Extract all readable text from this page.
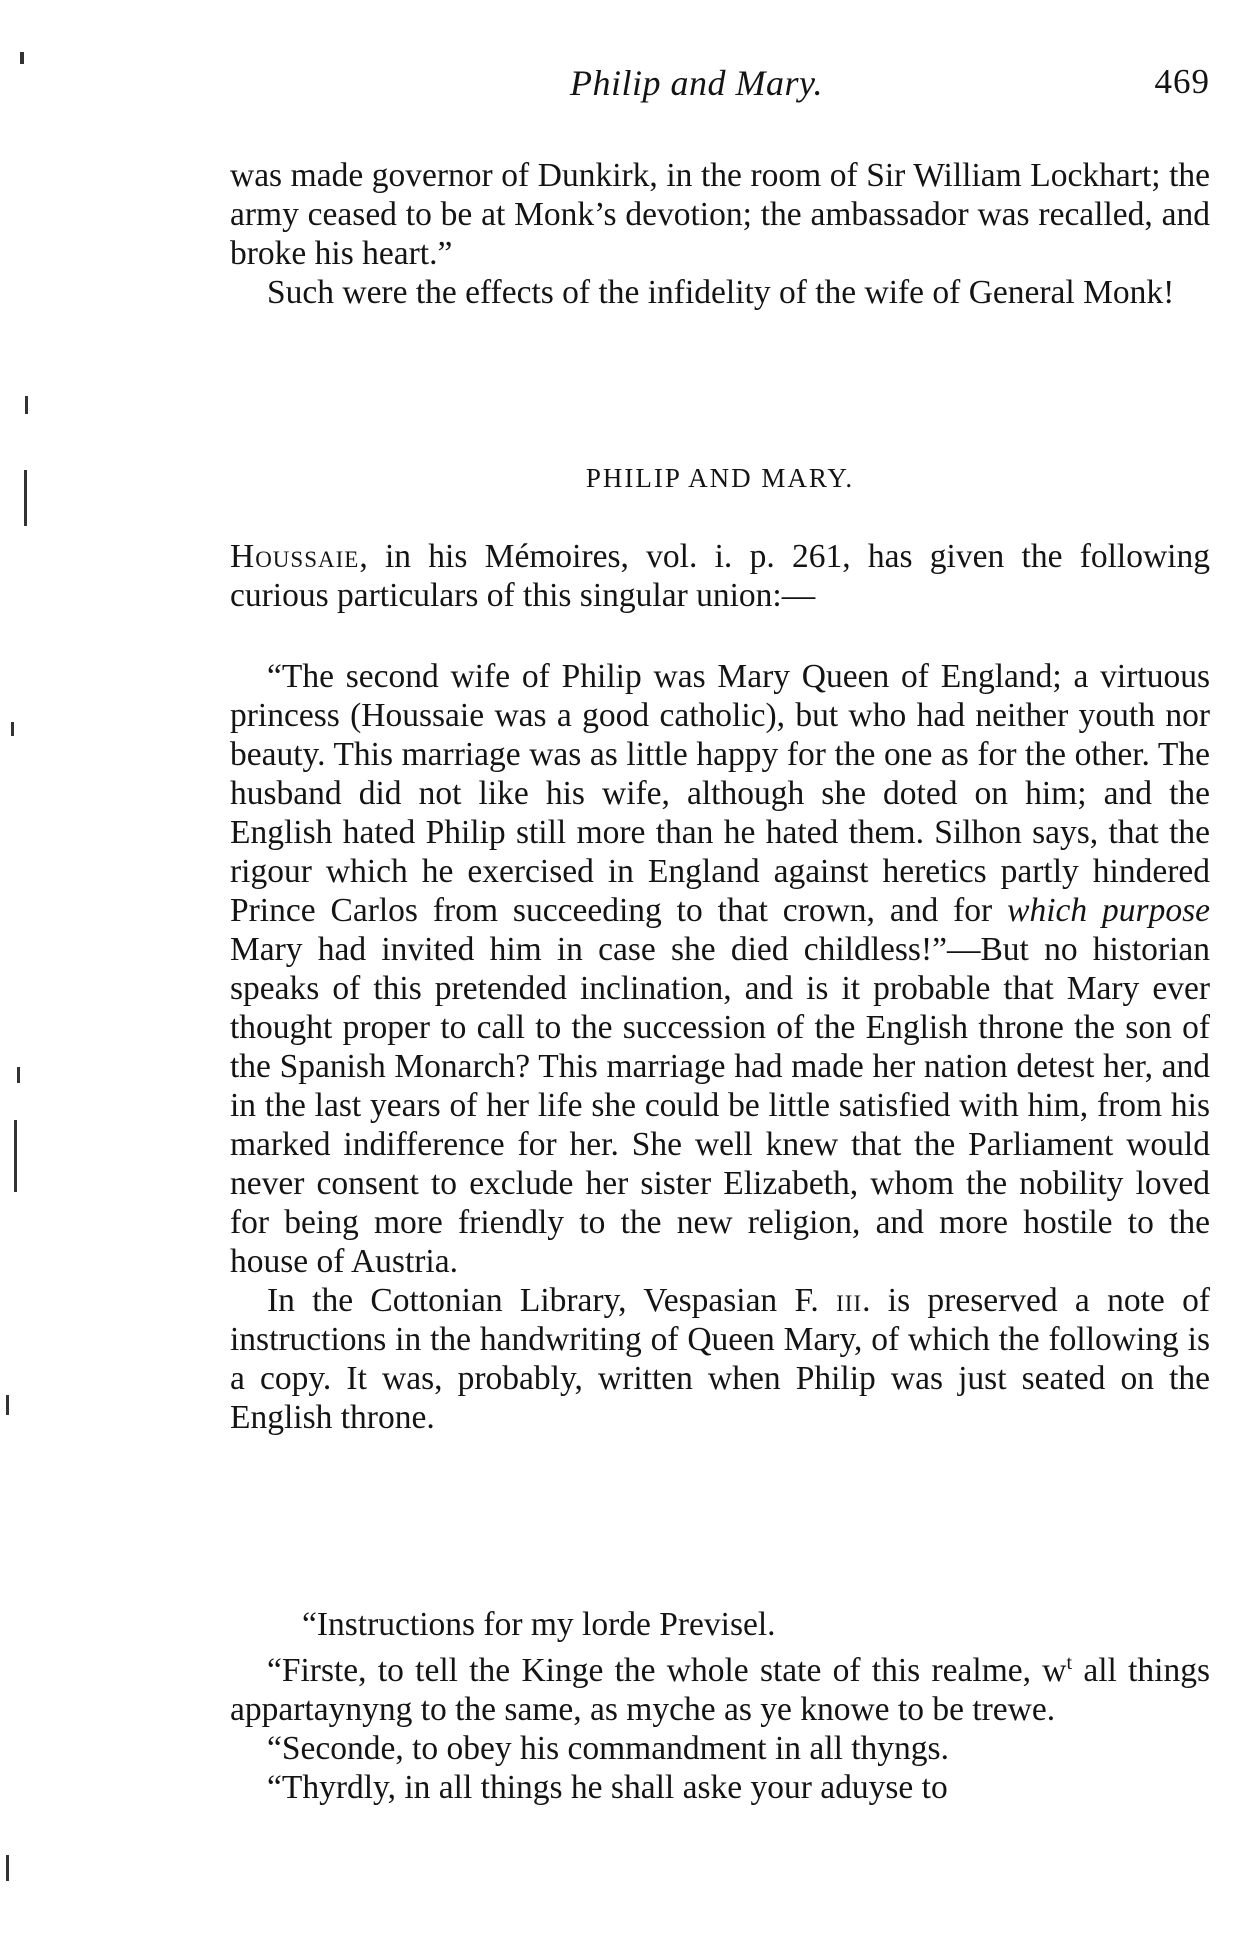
Philip and Mary.	469

was made governor of Dunkirk, in the room of Sir William Lockhart; the army ceased to be at Monk’s devotion; the ambassador was recalled, and broke his heart.”

Such were the effects of the infidelity of the wife of General Monk!

PHILIP AND MARY.

Houssaie, in his Mémoires, vol. i. p. 261, has given the following curious particulars of this singular union:—

“The second wife of Philip was Mary Queen of England; a virtuous princess (Houssaie was a good catholic), but who had neither youth nor beauty. This marriage was as little happy for the one as for the other. The husband did not like his wife, although she doted on him; and the English hated Philip still more than he hated them. Silhon says, that the rigour which he exercised in England against heretics partly hindered Prince Carlos from succeeding to that crown, and for which purpose Mary had invited him in case she died childless!”—But no historian speaks of this pretended inclination, and is it probable that Mary ever thought proper to call to the succession of the English throne the son of the Spanish Monarch? This marriage had made her nation detest her, and in the last years of her life she could be little satisfied with him, from his marked indifference for her. She well knew that the Parliament would never consent to exclude her sister Elizabeth, whom the nobility loved for being more friendly to the new religion, and more hostile to the house of Austria.

In the Cottonian Library, Vespasian F. iii. is preserved a note of instructions in the handwriting of Queen Mary, of which the following is a copy. It was, probably, written when Philip was just seated on the English throne.

“Instructions for my lorde Previsel.

“Firste, to tell the Kinge the whole state of this realme, $w^t$ all things appartaynyng to the same, as myche as ye knowe to be trewe.

“Seconde, to obey his commandment in all thyngs.

“Thyrdly, in all things he shall aske your aduyse to
